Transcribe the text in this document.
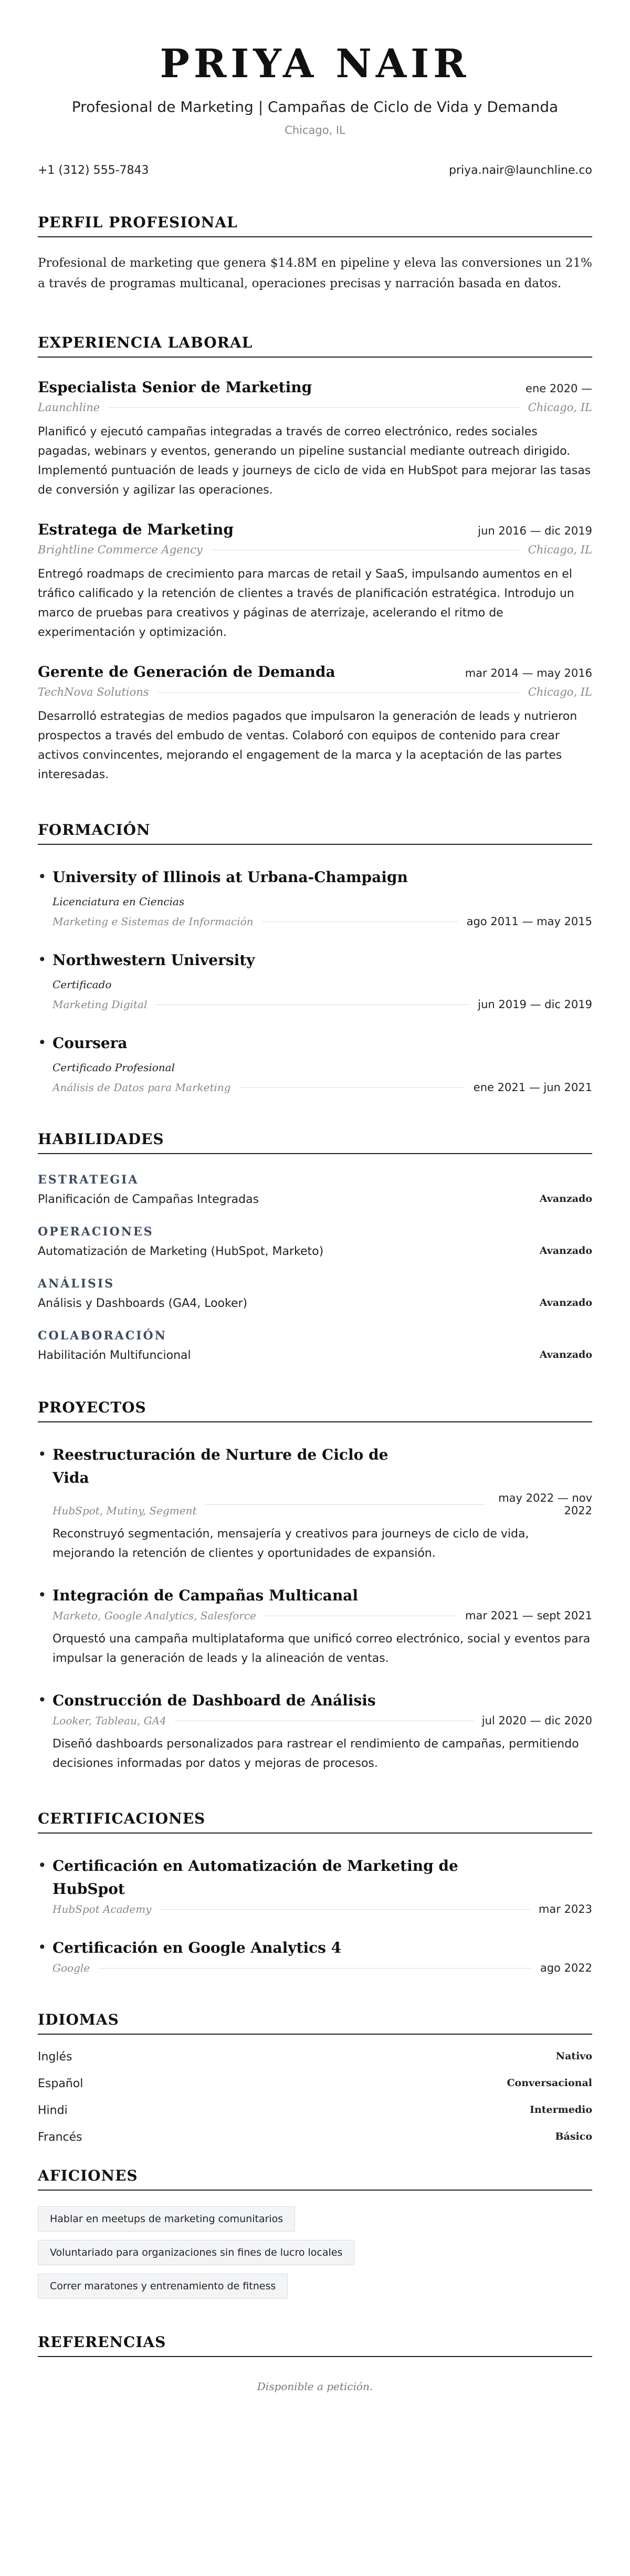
PRIYA NAIR
Profesional de Marketing | Campañas de Ciclo de Vida y Demanda
Chicago, IL
+1 (312) 555-7843	priya.nair@launchline.co
PERFIL PROFESIONAL
Profesional de marketing que genera $14.8M en pipeline y eleva las conversiones un 21% a través de programas multicanal, operaciones precisas y narración basada en datos.
EXPERIENCIA LABORAL
Especialista Senior de Marketing	ene 2020 —
Launchline	Chicago, IL
Planificó y ejecutó campañas integradas a través de correo electrónico, redes sociales pagadas, webinars y eventos, generando un pipeline sustancial mediante outreach dirigido. Implementó puntuación de leads y journeys de ciclo de vida en HubSpot para mejorar las tasas de conversión y agilizar las operaciones.
Estratega de Marketing	jun 2016 — dic 2019
Brightline Commerce Agency	Chicago, IL
Entregó roadmaps de crecimiento para marcas de retail y SaaS, impulsando aumentos en el tráfico calificado y la retención de clientes a través de planificación estratégica. Introdujo un marco de pruebas para creativos y páginas de aterrizaje, acelerando el ritmo de experimentación y optimización.
Gerente de Generación de Demanda	mar 2014 — may 2016
TechNova Solutions	Chicago, IL
Desarrolló estrategias de medios pagados que impulsaron la generación de leads y nutrieron prospectos a través del embudo de ventas. Colaboró con equipos de contenido para crear activos convincentes, mejorando el engagement de la marca y la aceptación de las partes interesadas.
FORMACIÓN
• University of Illinois at Urbana-Champaign
Licenciatura en Ciencias
Marketing e Sistemas de Información	ago 2011 — may 2015
• Northwestern University
Certificado
Marketing Digital	jun 2019 — dic 2019
• Coursera
Certificado Profesional
Análisis de Datos para Marketing	ene 2021 — jun 2021
HABILIDADES
ESTRATEGIA
Planificación de Campañas Integradas	Avanzado
OPERACIONES
Automatización de Marketing (HubSpot, Marketo)	Avanzado
ANÁLISIS
Análisis y Dashboards (GA4, Looker)	Avanzado
COLABORACIÓN
Habilitación Multifuncional	Avanzado
PROYECTOS
• Reestructuración de Nurture de Ciclo de Vida
HubSpot, Mutiny, Segment
may 2022 — nov 2022
Reconstruyó segmentación, mensajería y creativos para journeys de ciclo de vida, mejorando la retención de clientes y oportunidades de expansión.
• Integración de Campañas Multicanal
Marketo, Google Analytics, Salesforce	mar 2021 — sept 2021
Orquestó una campaña multiplataforma que unificó correo electrónico, social y eventos para impulsar la generación de leads y la alineación de ventas.
• Construcción de Dashboard de Análisis
Looker, Tableau, GA4	jul 2020 — dic 2020
Diseñó dashboards personalizados para rastrear el rendimiento de campañas, permitiendo decisiones informadas por datos y mejoras de procesos.
CERTIFICACIONES
• Certificación en Automatización de Marketing de HubSpot
HubSpot Academy	mar 2023
• Certificación en Google Analytics 4
Google	ago 2022
IDIOMAS
Inglés	Nativo
Español	Conversacional
Hindi	Intermedio
Francés	Básico
AFICIONES
Hablar en meetups de marketing comunitarios
Voluntariado para organizaciones sin fines de lucro locales
Correr maratones y entrenamiento de fitness
REFERENCIAS
Disponible a petición.
